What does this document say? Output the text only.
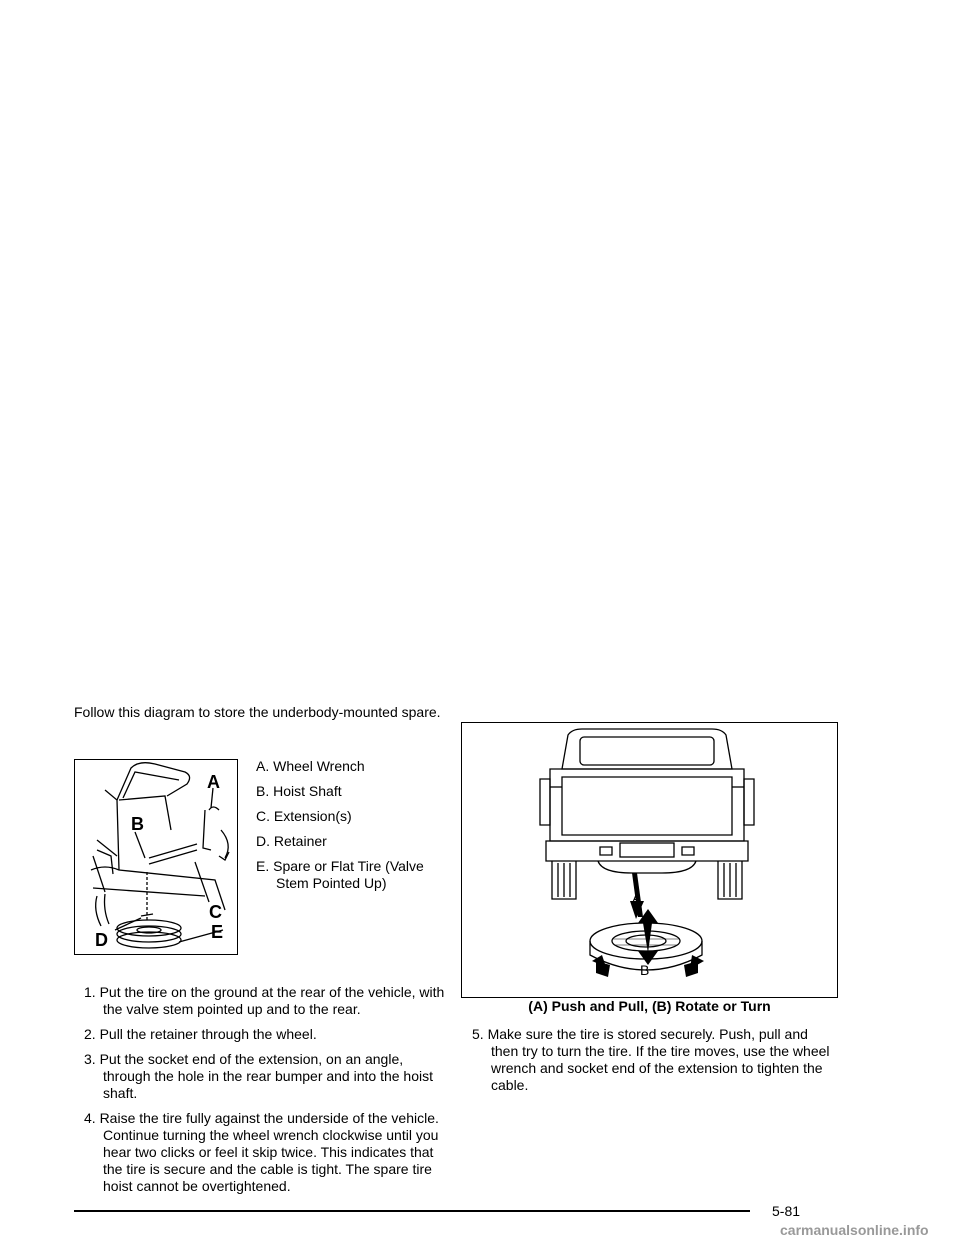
Follow this diagram to store the underbody-mounted spare.
B
A
C
D	E
A. Wheel Wrench
B. Hoist Shaft
C. Extension(s)
D. Retainer
E. Spare or Flat Tire (Valve Stem Pointed Up)
1. Put the tire on the ground at the rear of the vehicle, with the valve stem pointed up and to the rear.
2. Pull the retainer through the wheel.
3. Put the socket end of the extension, on an angle, through the hole in the rear bumper and into the hoist shaft.
4. Raise the tire fully against the underside of the vehicle. Continue turning the wheel wrench clockwise until you hear two clicks or feel it skip twice. This indicates that the tire is secure and the cable is tight. The spare tire hoist cannot be overtightened.
A
B
(A) Push and Pull, (B) Rotate or Turn
5. Make sure the tire is stored securely. Push, pull and then try to turn the tire. If the tire moves, use the wheel wrench and socket end of the extension to tighten the cable.
5-81
carmanualsonline.info
